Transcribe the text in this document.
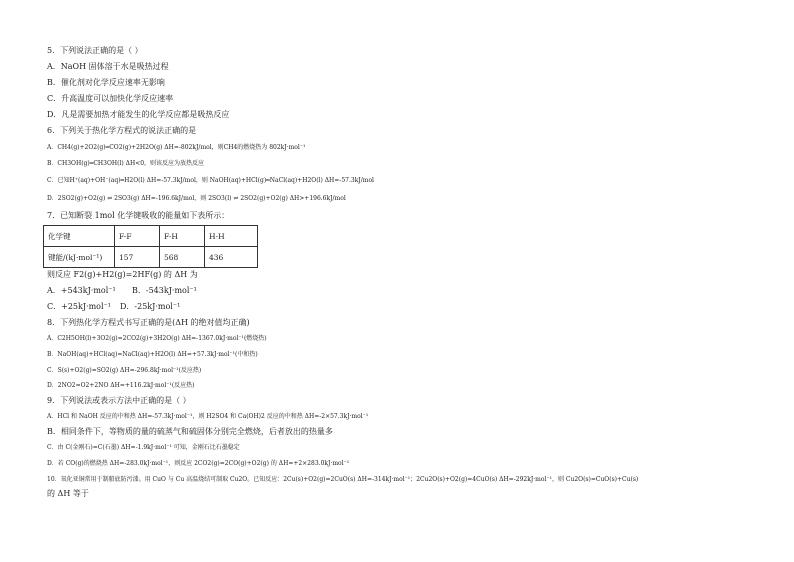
5．下列说法正确的是（ ）
A．NaOH 固体溶于水是吸热过程
B．催化剂对化学反应速率无影响
C．升高温度可以加快化学反应速率
D．凡是需要加热才能发生的化学反应都是吸热反应
6．下列关于热化学方程式的说法正确的是
A．CH4(g)+2O2(g)═CO2(g)+2H2O(g) ΔH=-802kJ/mol，则CH4的燃烧热为 802kJ·mol⁻¹
B．CH3OH(g)═CH3OH(l) ΔH<0，则该反应为放热反应
C．已知H⁺(aq)+OH⁻(aq)═H2O(l) ΔH=-57.3kJ/mol，则 NaOH(aq)+HCl(g)═NaCl(aq)+H2O(l) ΔH=-57.3kJ/mol
D．2SO2(g)+O2(g) ⇌ 2SO3(g) ΔH=-196.6kJ/mol，则 2SO3(l) ⇌ 2SO2(g)+O2(g) ΔH>+196.6kJ/mol
7．已知断裂 1mol 化学键吸收的能量如下表所示：
化学键	F-F	F-H	H-H
键能/(kJ·mol⁻¹)	157	568	436
则反应 F2(g)+H2(g)=2HF(g) 的 ΔH 为
A．+543kJ·mol⁻¹ B．-543kJ·mol⁻¹
C．+25kJ·mol⁻¹ D．-25kJ·mol⁻¹
8．下列热化学方程式书写正确的是(ΔH 的绝对值均正确)
A．C2H5OH(l)+3O2(g)=2CO2(g)+3H2O(g) ΔH=-1367.0kJ·mol⁻¹(燃烧热)
B．NaOH(aq)+HCl(aq)=NaCl(aq)+H2O(l) ΔH=+57.3kJ·mol⁻¹(中和热)
C．S(s)+O2(g)=SO2(g) ΔH=-296.8kJ·mol⁻¹(反应热)
D．2NO2=O2+2NO ΔH=+116.2kJ·mol⁻¹(反应热)
9．下列说法或表示方法中正确的是（ ）
A．HCl 和 NaOH 反应的中和热 ΔH=-57.3kJ·mol⁻¹，则 H2SO4 和 Ca(OH)2 反应的中和热 ΔH=-2×57.3kJ·mol⁻¹
B．相同条件下，等物质的量的硫蒸气和硫固体分别完全燃烧，后者放出的热量多
C．由 C(金刚石)=C(石墨) ΔH=-1.9kJ·mol⁻¹ 可知，金刚石比石墨稳定
D．若 CO(g)的燃烧热 ΔH=-283.0kJ·mol⁻¹，则反应 2CO2(g)=2CO(g)+O2(g) 的 ΔH=+2×283.0kJ·mol⁻¹
10．氧化亚铜常用于制船底防污漆。用 CuO 与 Cu 高温烧结可制取 Cu2O。已知反应：2Cu(s)+O2(g)=2CuO(s) ΔH=-314kJ·mol⁻¹；2Cu2O(s)+O2(g)=4CuO(s) ΔH=-292kJ·mol⁻¹，则 Cu2O(s)=CuO(s)+Cu(s)
的 ΔH 等于
